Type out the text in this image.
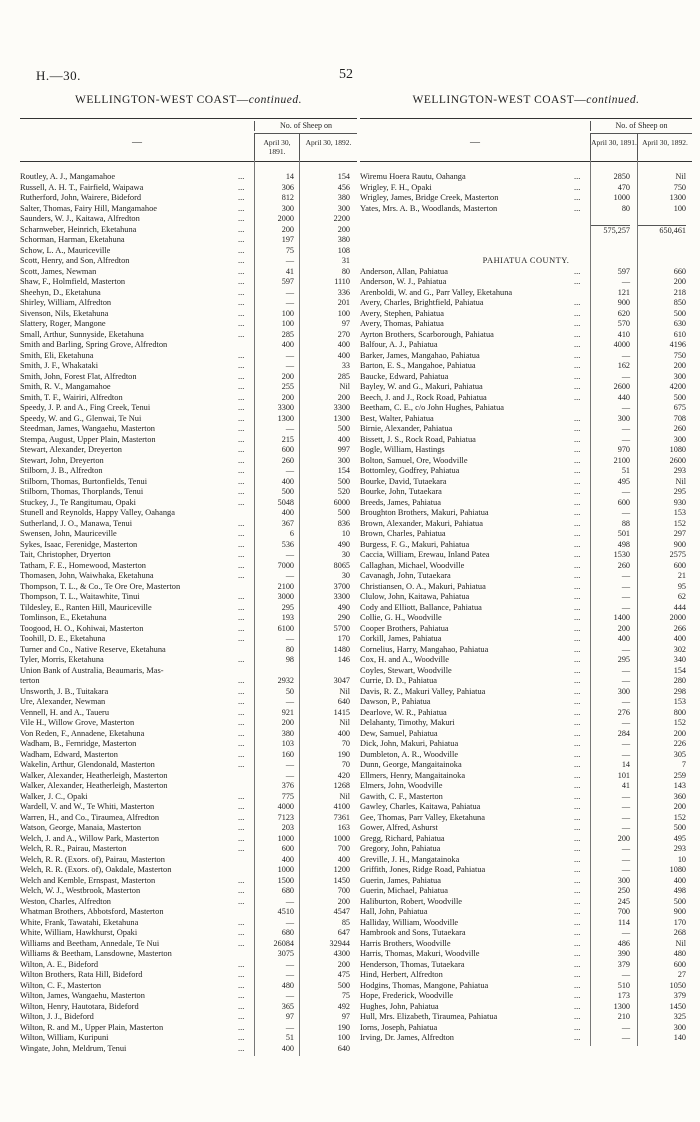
H.—30.	52
WELLINGTON-WEST COAST—continued.
—
No. of Sheep on
April 30, 1891.
April 30, 1892.
Routley, A. J., Mangamahoe	...	14	154
Russell, A. H. T., Fairfield, Waipawa	...	306	456
Rutherford, John, Wairere, Bideford	...	812	380
Salter, Thomas, Fairy Hill, Mangamahoe	...	300	300
Saunders, W. J., Kaitawa, Alfredton	...	2000	2200
Scharnweber, Heinrich, Eketahuna	...	200	200
Schorman, Harman, Eketahuna	...	197	380
Schow, L. A., Mauriceville	...	75	108
Scott, Henry, and Son, Alfredton	...	—	31
Scott, James, Newman	...	41	80
Shaw, F., Holmfield, Masterton	...	597	1110
Sheehyn, D., Eketahuna	...	—	336
Shirley, William, Alfredton	...	—	201
Sivenson, Nils, Eketahuna	...	100	100
Slattery, Roger, Mangone	...	100	97
Small, Arthur, Sunnyside, Eketahuna	...	285	270
Smith and Barling, Spring Grove, Alfredton	400	400
Smith, Eli, Eketahuna	...	—	400
Smith, J. F., Whakataki	...	—	33
Smith, John, Forest Flat, Alfredton	...	200	285
Smith, R. V., Mangamahoe	...	255	Nil
Smith, T. F., Wairiri, Alfredton	...	200	200
Speedy, J. P. and A., Fing Creek, Tenui	...	3300	3300
Speedy, W. and G., Glenwai, Te Nui	...	1300	1300
Steedman, James, Wangaehu, Masterton	...	—	500
Stempa, August, Upper Plain, Masterton	...	215	400
Stewart, Alexander, Dreyerton	...	600	997
Stewart, John, Dreyerton	...	260	300
Stilborn, J. B., Alfredton	...	—	154
Stilborn, Thomas, Burtonfields, Tenui	...	400	500
Stilborn, Thomas, Thorplands, Tenui	...	500	520
Stuckey, J., Te Rangitumau, Opaki	...	5048	6000
Stunell and Reynolds, Happy Valley, Oahanga	400	500
Sutherland, J. O., Manawa, Tenui	...	367	836
Swensen, John, Mauriceville	...	6	10
Sykes, Isaac, Ferenidge, Masterton	...	536	490
Tait, Christopher, Dryerton	...	—	30
Tatham, F. E., Homewood, Masterton	...	7000	8065
Thomasen, John, Waiwhaka, Eketahuna	...	—	30
Thompson, T. L., & Co., Te Ore Ore, Masterton	2100	3700
Thompson, T. L., Waitawhite, Tinui	...	3000	3300
Tildesley, E., Ranten Hill, Mauriceville	...	295	490
Tomlinson, E., Eketahuna	...	193	290
Toogood, H. O., Kohiwai, Masterton	...	6100	5700
Toohill, D. E., Eketahuna	...	—	170
Turner and Co., Native Reserve, Eketahuna	80	1480
Tyler, Morris, Eketahuna	...	98	146
Union Bank of Australia, Beaumaris, Mas-
terton	...	2932	3047
Unsworth, J. B., Tuitakara	...	50	Nil
Ure, Alexander, Newman	...	—	640
Vennell, H. and A., Taueru	...	921	1415
Vile H., Willow Grove, Masterton	...	200	Nil
Von Reden, F., Annadene, Eketahuna	...	380	400
Wadham, B., Fernridge, Masterton	...	103	70
Wadham, Edward, Masterton	...	160	190
Wakelin, Arthur, Glendonald, Masterton	...	—	70
Walker, Alexander, Heatherleigh, Masterton	—	420
Walker, Alexander, Heatherleigh, Masterton	376	1268
Walker, J. C., Opaki	...	775	Nil
Wardell, V. and W., Te Whiti, Masterton	...	4000	4100
Warren, H., and Co., Tiraumea, Alfredton	...	7123	7361
Watson, George, Manaia, Masterton	...	203	163
Welch, J. and A., Willow Park, Masterton	...	1000	1000
Welch, R. R., Pairau, Masterton	...	600	700
Welch, R. R. (Exors. of), Pairau, Masterton	400	400
Welch, R. R. (Exors. of), Oakdale, Masterton	1000	1200
Welch and Kemble, Ernspast, Masterton	...	1500	1450
Welch, W. J., Westbrook, Masterton	...	680	700
Weston, Charles, Alfredton	...	—	200
Whatman Brothers, Abbotsford, Masterton	4510	4547
White, Frank, Tawatahi, Eketahuna	...	—	85
White, William, Hawkhurst, Opaki	...	680	647
Williams and Beetham, Annedale, Te Nui	...	26084	32944
Williams & Beetham, Lansdowne, Masterton	3075	4300
Wilton, A. E., Bideford	...	—	200
Wilton Brothers, Rata Hill, Bideford	...	—	475
Wilton, C. F., Masterton	...	480	500
Wilton, James, Wangaehu, Masterton	...	—	75
Wilton, Henry, Hautotara, Bideford	...	365	492
Wilton, J. J., Bideford	...	97	97
Wilton, R. and M., Upper Plain, Masterton	...	—	190
Wilton, William, Kuripuni	...	51	100
Wingate, John, Meldrum, Tenui	...	400	640
WELLINGTON-WEST COAST—continued.
—
No. of Sheep on
April 30, 1891. April 30, 1892.
Wiremu Hoera Rautu, Oahanga	...	2850	Nil
Wrigley, F. H., Opaki	...	470	750
Wrigley, James, Bridge Creek, Masterton	...	1000	1300
Yates, Mrs. A. B., Woodlands, Masterton	...	80	100
575,257	650,461
PAHIATUA COUNTY.
Anderson, Allan, Pahiatua	...	597	660
Anderson, W. J., Pahiatua	...	—	200
Arenboldi, W. and G., Parr Valley, Eketahuna	121	218
Avery, Charles, Brightfield, Pahiatua	...	900	850
Avery, Stephen, Pahiatua	...	620	500
Avery, Thomas, Pahiatua	...	570	630
Ayrton Brothers, Scarborough, Pahiatua	...	410	610
Balfour, A. J., Pahiatua	...	4000	4196
Barker, James, Mangahao, Pahiatua	...	—	750
Barton, E. S., Mangahoe, Pahiatua	...	162	200
Baucke, Edward, Pahiatua	...	—	300
Bayley, W. and G., Makuri, Pahiatua	...	2600	4200
Beech, J. and J., Rock Road, Pahiatua	...	440	500
Beetham, C. E., c/o John Hughes, Pahiatua	—	675
Best, Walter, Pahiatua	...	300	708
Birnie, Alexander, Pahiatua	...	—	260
Bissett, J. S., Rock Road, Pahiatua	...	—	300
Bogle, William, Hastings	...	970	1080
Bolton, Samuel, Ore, Woodville	...	2100	2600
Bottomley, Godfrey, Pahiatua	...	51	293
Bourke, David, Tutaekara	...	495	Nil
Bourke, John, Tutaekara	...	—	295
Breeds, James, Pahiatua	...	600	930
Broughton Brothers, Makuri, Pahiatua	...	—	153
Brown, Alexander, Makuri, Pahiatua	...	88	152
Brown, Charles, Pahiatua	...	501	297
Burgess, F. G., Makuri, Pahiatua	...	498	900
Caccia, William, Erewau, Inland Patea	...	1530	2575
Callaghan, Michael, Woodville	...	260	600
Cavanagh, John, Tutaekara	...	—	21
Christiansen, O. A., Makuri, Pahiatua	...	—	95
Clulow, John, Kaitawa, Pahiatua	...	—	62
Cody and Elliott, Ballance, Pahiatua	...	—	444
Collie, G. H., Woodville	...	1400	2000
Cooper Brothers, Pahiatua	...	200	266
Corkill, James, Pahiatua	...	400	400
Cornelius, Harry, Mangahao, Pahiatua	...	—	302
Cox, H. and A., Woodville	...	295	340
Coyles, Stewart, Woodville	...	—	154
Currie, D. D., Pahiatua	...	—	280
Davis, R. Z., Makuri Valley, Pahiatua	...	300	298
Dawson, P., Pahiatua	...	—	153
Dearlove, W. R., Pahiatua	...	276	800
Delahanty, Timothy, Makuri	...	—	152
Dew, Samuel, Pahiatua	...	284	200
Dick, John, Makuri, Pahiatua	...	—	226
Dumbleton, A. R., Woodville	...	—	305
Dunn, George, Mangaitainoka	...	14	7
Ellmers, Henry, Mangaitainoka	...	101	259
Elmers, John, Woodville	...	41	143
Gawith, C. F., Masterton	...	—	360
Gawley, Charles, Kaitawa, Pahiatua	...	—	200
Gee, Thomas, Parr Valley, Eketahuna	...	—	152
Gower, Alfred, Ashurst	...	—	500
Gregg, Richard, Pahiatua	...	200	495
Gregory, John, Pahiatua	...	—	293
Greville, J. H., Mangatainoka	...	—	10
Griffith, Jones, Ridge Road, Pahiatua	...	—	1080
Guerin, James, Pahiatua	...	300	400
Guerin, Michael, Pahiatua	...	250	498
Haliburton, Robert, Woodville	...	245	500
Hall, John, Pahiatua	...	700	900
Halliday, William, Woodville	...	114	170
Hambrook and Sons, Tutaekara	...	—	268
Harris Brothers, Woodville	...	486	Nil
Harris, Thomas, Makuri, Woodville	...	390	480
Henderson, Thomas, Tutaekara	...	379	600
Hind, Herbert, Alfredton	...	—	27
Hodgins, Thomas, Mangone, Pahiatua	...	510	1050
Hope, Frederick, Woodville	...	173	379
Hughes, John, Pahiatua	...	1300	1450
Hull, Mrs. Elizabeth, Tiraumea, Pahiatua	...	210	325
Iorns, Joseph, Pahiatua	...	—	300
Irving, Dr. James, Alfredton	...	—	140
